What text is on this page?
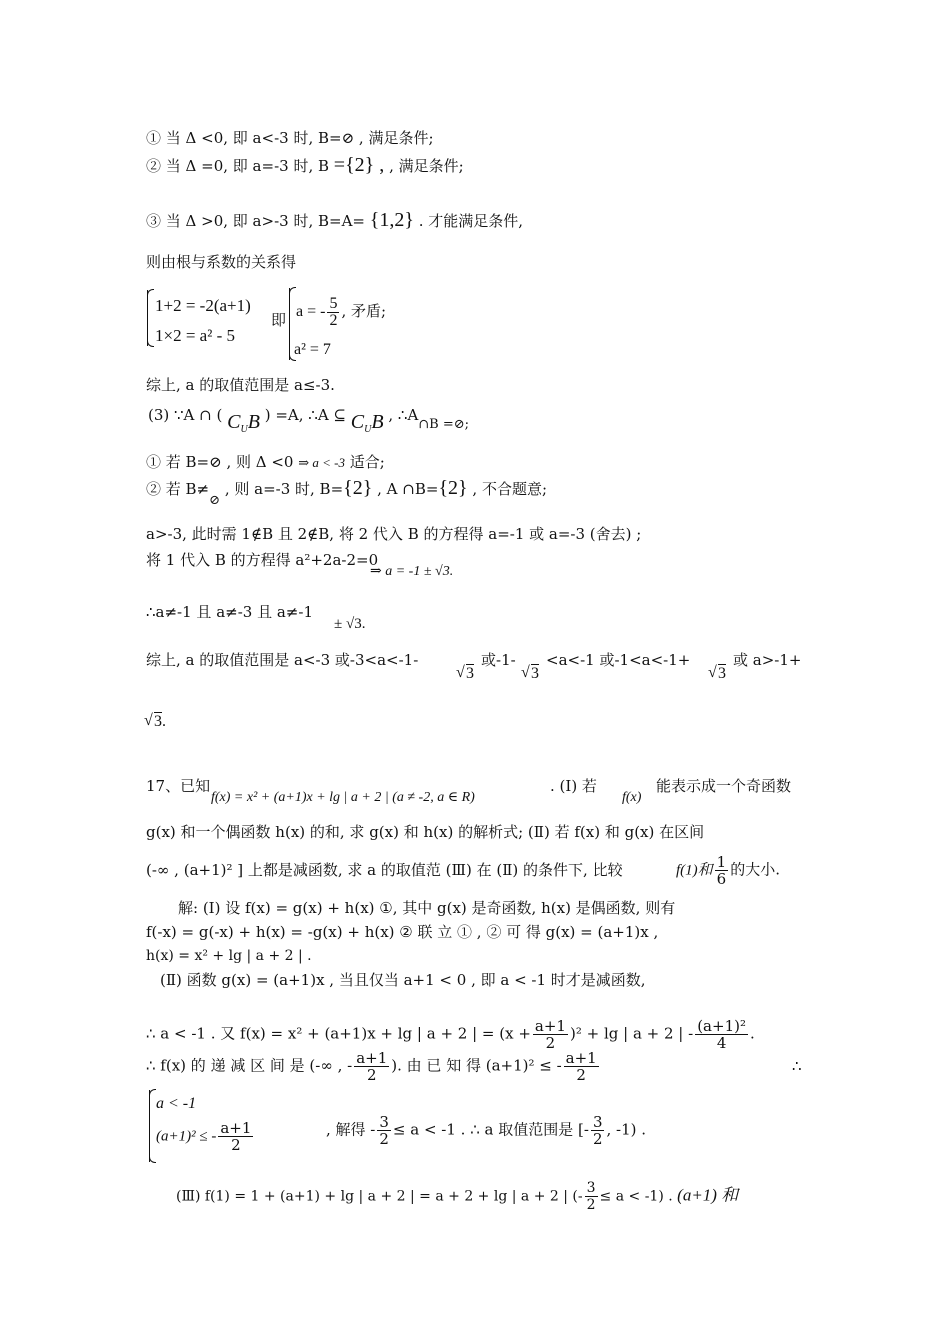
① 当 Δ <0, 即 a<-3 时, B=⊘ , 满足条件;
② 当 Δ =0, 即 a=-3 时, B ={2} , , 满足条件;
③ 当 Δ >0, 即 a>-3 时, B=A= {1,2} . 才能满足条件,
则由根与系数的关系得
1+2 = -2(a+1)
1×2 = a² - 5
即 a = - $\frac{5}{2}$ , 矛盾;
a² = 7
综上, a 的取值范围是 a≤-3.
(3) ∵A ∩ ( $C_UB$ ) =A, ∴A ⊆ $C_UB$ , ∴A∩B =⊘;
① 若 B=⊘ , 则 Δ <0 ⇒ a < -3 适合;
② 若 B≠⊘ , 则 a=-3 时, B={2} , A ∩B={2} , 不合题意;
a>-3, 此时需 1∉B 且 2∉B, 将 2 代入 B 的方程得 a=-1 或 a=-3 (舍去) ;
将 1 代入 B 的方程得 a²+2a-2=0
⇒ a = -1 ± √3.
∴a≠-1 且 a≠-3 且 a≠-1
± √3.
综上, a 的取值范围是 a<-3 或-3<a<-1-
√ 3
或-1-
√ 3
<a<-1 或-1<a<-1+
√ 3
或 a>-1+
√ 3.
17、已知
f(x) = x² + (a+1)x + lg | a + 2 | (a ≠ -2, a ∈ R)
. (Ⅰ) 若
f(x)
能表示成一个奇函数
g(x) 和一个偶函数 h(x) 的和, 求 g(x) 和 h(x) 的解析式; (Ⅱ) 若 f(x) 和 g(x) 在区间
(-∞ , (a+1)² ] 上都是减函数, 求 a 的取值范 (Ⅲ) 在 (Ⅱ) 的条件下, 比较	f(1)和 $\frac{1}{6}$ 的大小.
解: (Ⅰ) 设 f(x) = g(x) + h(x) ①, 其中 g(x) 是奇函数, h(x) 是偶函数, 则有
f(-x) = g(-x) + h(x) = -g(x) + h(x) ② 联 立 ① , ② 可 得 g(x) = (a+1)x ,
h(x) = x² + lg | a + 2 | .
(Ⅱ) 函数 g(x) = (a+1)x , 当且仅当 a+1 < 0 , 即 a < -1 时才是减函数,
∴ a < -1 . 又 f(x) = x² + (a+1)x + lg | a + 2 | = $(x + \frac{a+1}{2} )^2 + \lg$ | a + 2 | - $\frac{\text{(a+1)²}}{4}$ .
∴ f(x) 的 递 减 区 间 是 (-∞ , - $\frac{a+1}{2}$ ). 由 已 知 得 (a+1)² ≤ - $\frac{a+1}{2}$	∴
a < -1
(a+1)² ≤ - $\frac{a+1}{2}$	, 解得 - $\frac{3}{2} \le a < -1$ . ∴ a 取值范围是 [- $\frac{3}{2}$ , -1) .
(Ⅲ) f(1) = 1 + (a+1) + lg | a + 2 | = a + 2 + lg | a + 2 | (- $\frac{3}{2} \le a < -1$) . (a+1) 和
